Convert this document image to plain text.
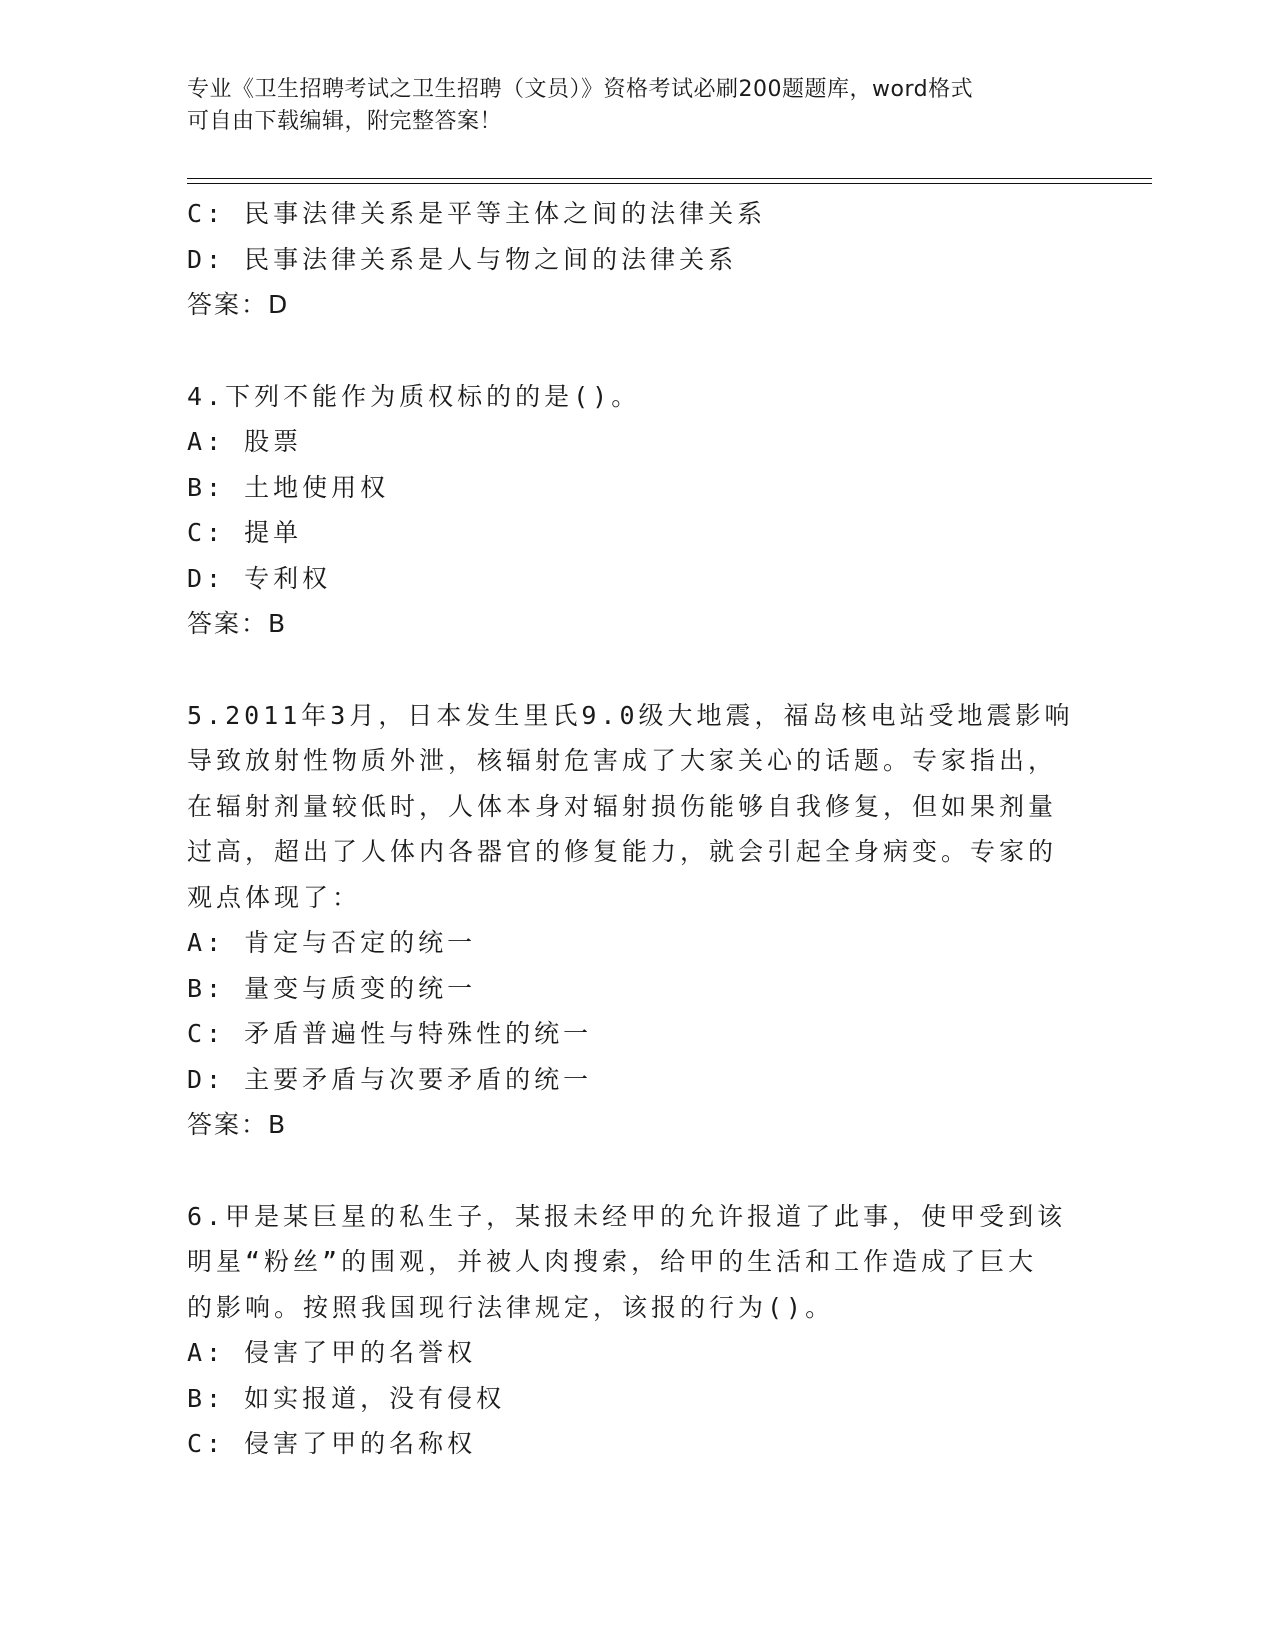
专业《卫生招聘考试之卫生招聘（文员）》资格考试必刷200题题库，word格式
可自由下载编辑，附完整答案！
C: 民事法律关系是平等主体之间的法律关系
D: 民事法律关系是人与物之间的法律关系
答案：D
4.下列不能作为质权标的的是()。
A: 股票
B: 土地使用权
C: 提单
D: 专利权
答案：B
5.2011年3月，日本发生里氏9.0级大地震，福岛核电站受地震影响
导致放射性物质外泄，核辐射危害成了大家关心的话题。专家指出，
在辐射剂量较低时，人体本身对辐射损伤能够自我修复，但如果剂量
过高，超出了人体内各器官的修复能力，就会引起全身病变。专家的
观点体现了：
A: 肯定与否定的统一
B: 量变与质变的统一
C: 矛盾普遍性与特殊性的统一
D: 主要矛盾与次要矛盾的统一
答案：B
6.甲是某巨星的私生子，某报未经甲的允许报道了此事，使甲受到该
明星“粉丝”的围观，并被人肉搜索，给甲的生活和工作造成了巨大
的影响。按照我国现行法律规定，该报的行为()。
A: 侵害了甲的名誉权
B: 如实报道，没有侵权
C: 侵害了甲的名称权
